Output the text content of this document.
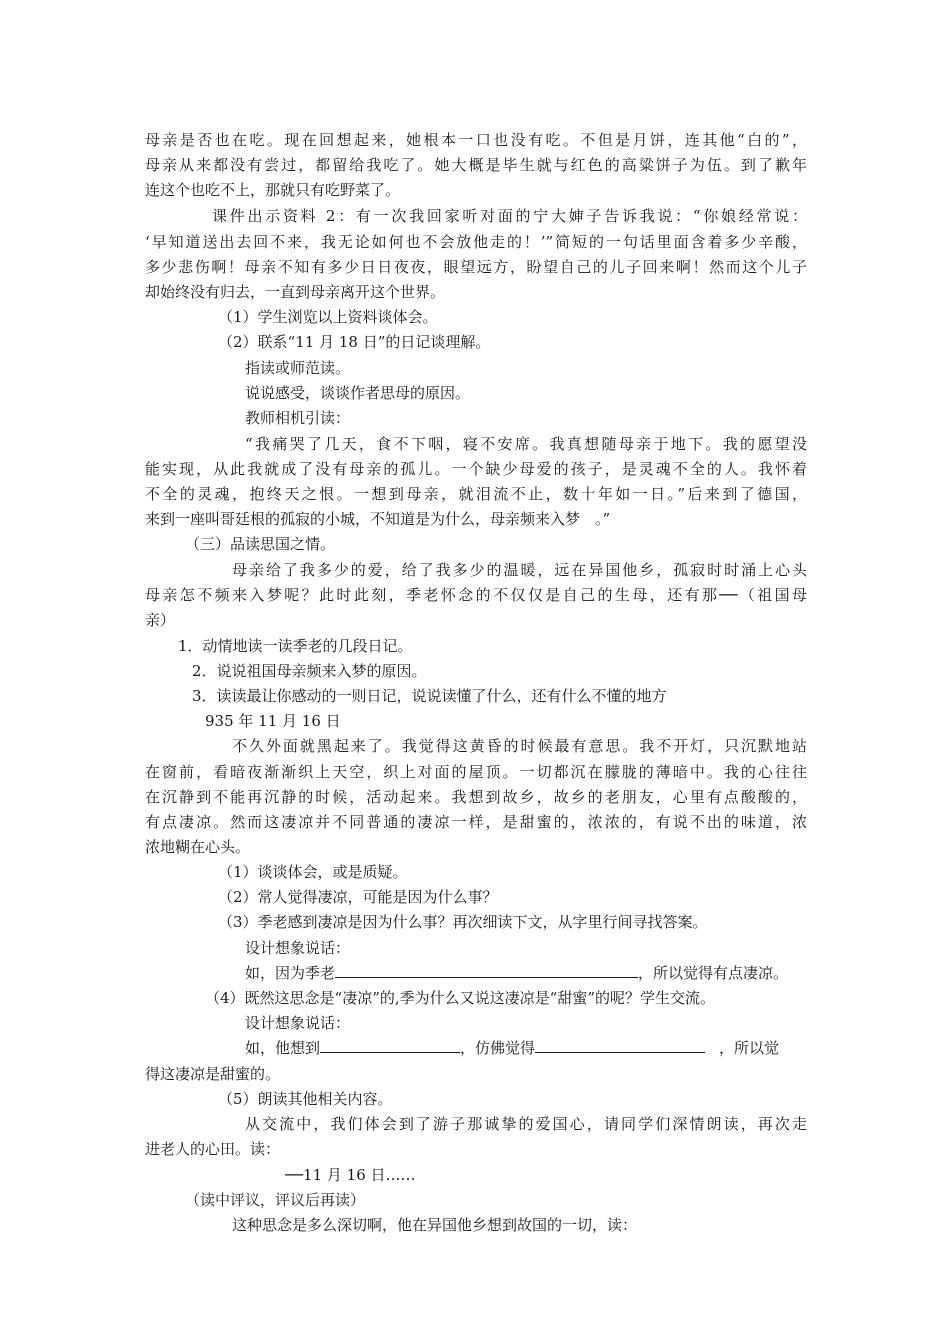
母亲是否也在吃。现在回想起来，她根本一口也没有吃。不但是月饼，连其他“白的”，
母亲从来都没有尝过，都留给我吃了。她大概是毕生就与红色的高粱饼子为伍。到了歉年
连这个也吃不上，那就只有吃野菜了。
课件出示资料 2：有一次我回家听对面的宁大婶子告诉我说：“你娘经常说：
‘早知道送出去回不来，我无论如何也不会放他走的！’”简短的一句话里面含着多少辛酸，
多少悲伤啊！母亲不知有多少日日夜夜，眼望远方，盼望自己的儿子回来啊！然而这个儿子
却始终没有归去，一直到母亲离开这个世界。
（1）学生浏览以上资料谈体会。
（2）联系“11 月 18 日”的日记谈理解。
指读或师范读。
说说感受，谈谈作者思母的原因。
教师相机引读：
“我痛哭了几天，食不下咽，寝不安席。我真想随母亲于地下。我的愿望没
能实现，从此我就成了没有母亲的孤儿。一个缺少母爱的孩子，是灵魂不全的人。我怀着
不全的灵魂，抱终天之恨。一想到母亲，就泪流不止，数十年如一日。”后来到了德国，
来到一座叫哥廷根的孤寂的小城，不知道是为什么，母亲频来入梦　。”
（三）品读思国之情。
母亲给了我多少的爱，给了我多少的温暖，远在异国他乡，孤寂时时涌上心头
母亲怎不频来入梦呢？此时此刻，季老怀念的不仅仅是自己的生母，还有那──（祖国母
亲）
1．动情地读一读季老的几段日记。
2．说说祖国母亲频来入梦的原因。
3．读读最让你感动的一则日记，说说读懂了什么，还有什么不懂的地方
935 年 11 月 16 日
不久外面就黑起来了。我觉得这黄昏的时候最有意思。我不开灯，只沉默地站
在窗前，看暗夜渐渐织上天空，织上对面的屋顶。一切都沉在朦胧的薄暗中。我的心往往
在沉静到不能再沉静的时候，活动起来。我想到故乡，故乡的老朋友，心里有点酸酸的，
有点凄凉。然而这凄凉并不同普通的凄凉一样，是甜蜜的，浓浓的，有说不出的味道，浓
浓地糊在心头。
（1）谈谈体会，或是质疑。
（2）常人觉得凄凉，可能是因为什么事？
（3）季老感到凄凉是因为什么事？再次细读下文，从字里行间寻找答案。
设计想象说话：
如，因为季老	，所以觉得有点凄凉。
（4）既然这思念是“凄凉”的,季为什么又说这凄凉是“甜蜜”的呢？学生交流。
设计想象说话：
如，他想到	，仿佛觉得	，所以觉
得这凄凉是甜蜜的。
（5）朗读其他相关内容。
从交流中，我们体会到了游子那诚挚的爱国心，请同学们深情朗读，再次走
进老人的心田。读：
──11 月 16 日……
（读中评议，评议后再读）
这种思念是多么深切啊，他在异国他乡想到故国的一切，读：
